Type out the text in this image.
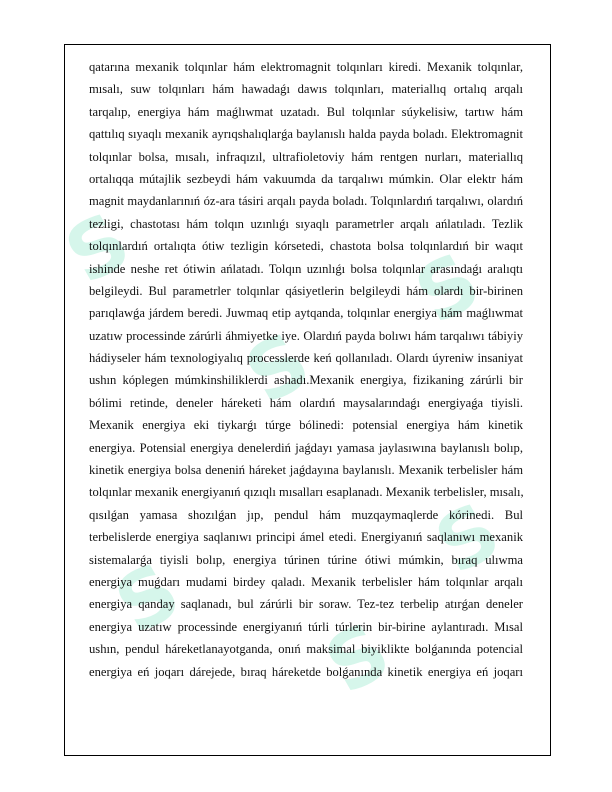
S
S
S
S
S
S
qatarına mexanik tolqınlar hám elektromagnit tolqınları kiredi. Mexanik tolqınlar,
mısalı, suw tolqınları hám hawadaǵı dawıs tolqınları, materiallıq ortalıq arqalı
tarqalıp, energiya hám maǵlıwmat uzatadı. Bul tolqınlar súykelisiw, tartıw hám
qattılıq sıyaqlı mexanik ayrıqshalıqlarǵa baylanıslı halda payda boladı. Elektromagnit
tolqınlar bolsa, mısalı, infraqızıl, ultrafioletoviy hám rentgen nurları, materiallıq
ortalıqqa mútajlik sezbeydi hám vakuumda da tarqalıwı múmkin. Olar elektr hám
magnit maydanlarınıń óz-ara tásiri arqalı payda boladı. Tolqınlardıń tarqalıwı, olardıń
tezligi, chastotası hám tolqın uzınlıǵı sıyaqlı parametrler arqalı ańlatıladı. Tezlik
tolqınlardıń ortalıqta ótiw tezligin kórsetedi, chastota bolsa tolqınlardıń bir waqıt
ishinde neshe ret ótiwin ańlatadı. Tolqın uzınlıǵı bolsa tolqınlar arasındaǵı aralıqtı
belgileydi. Bul parametrler tolqınlar qásiyetlerin belgileydi hám olardı bir-birinen
parıqlawǵa járdem beredi. Juwmaq etip aytqanda, tolqınlar energiya hám maǵlıwmat
uzatıw processinde zárúrli áhmiyetke iye. Olardıń payda bolıwı hám tarqalıwı tábiyiy
hádiyseler hám texnologiyalıq processlerde keń qollanıladı. Olardı úyreniw insaniyat
ushın kóplegen múmkinshiliklerdi ashadı.Mexanik energiya, fizikaning zárúrli bir
bólimi retinde, deneler háreketi hám olardıń maysalarındaǵı energiyaǵa tiyisli.
Mexanik energiya eki tiykarǵı túrge bólinedi: potensial energiya hám kinetik
energiya. Potensial energiya denelerdiń jaǵdayı yamasa jaylasıwına baylanıslı bolıp,
kinetik energiya bolsa deneniń háreket jaǵdayına baylanıslı. Mexanik terbelisler hám
tolqınlar mexanik energiyanıń qızıqlı mısalları esaplanadı. Mexanik terbelisler, mısalı,
qısılǵan yamasa shozılǵan jıp, pendul hám muzqaymaqlerde kórinedi. Bul
terbelislerde energiya saqlanıwı principi ámel etedi. Energiyanıń saqlanıwı mexanik
sistemalarǵa tiyisli bolıp, energiya túrinen túrine ótiwi múmkin, bıraq ulıwma
energiya muǵdarı mudami birdey qaladı. Mexanik terbelisler hám tolqınlar arqalı
energiya qanday saqlanadı, bul zárúrli bir soraw. Tez-tez terbelip atırǵan deneler
energiya uzatıw processinde energiyanıń túrli túrlerin bir-birine aylantıradı. Mısal
ushın, pendul háreketlanayotganda, onıń maksimal biyiklikte bolǵanında potencial
energiya eń joqarı dárejede, bıraq háreketde bolǵanında kinetik energiya eń joqarı
